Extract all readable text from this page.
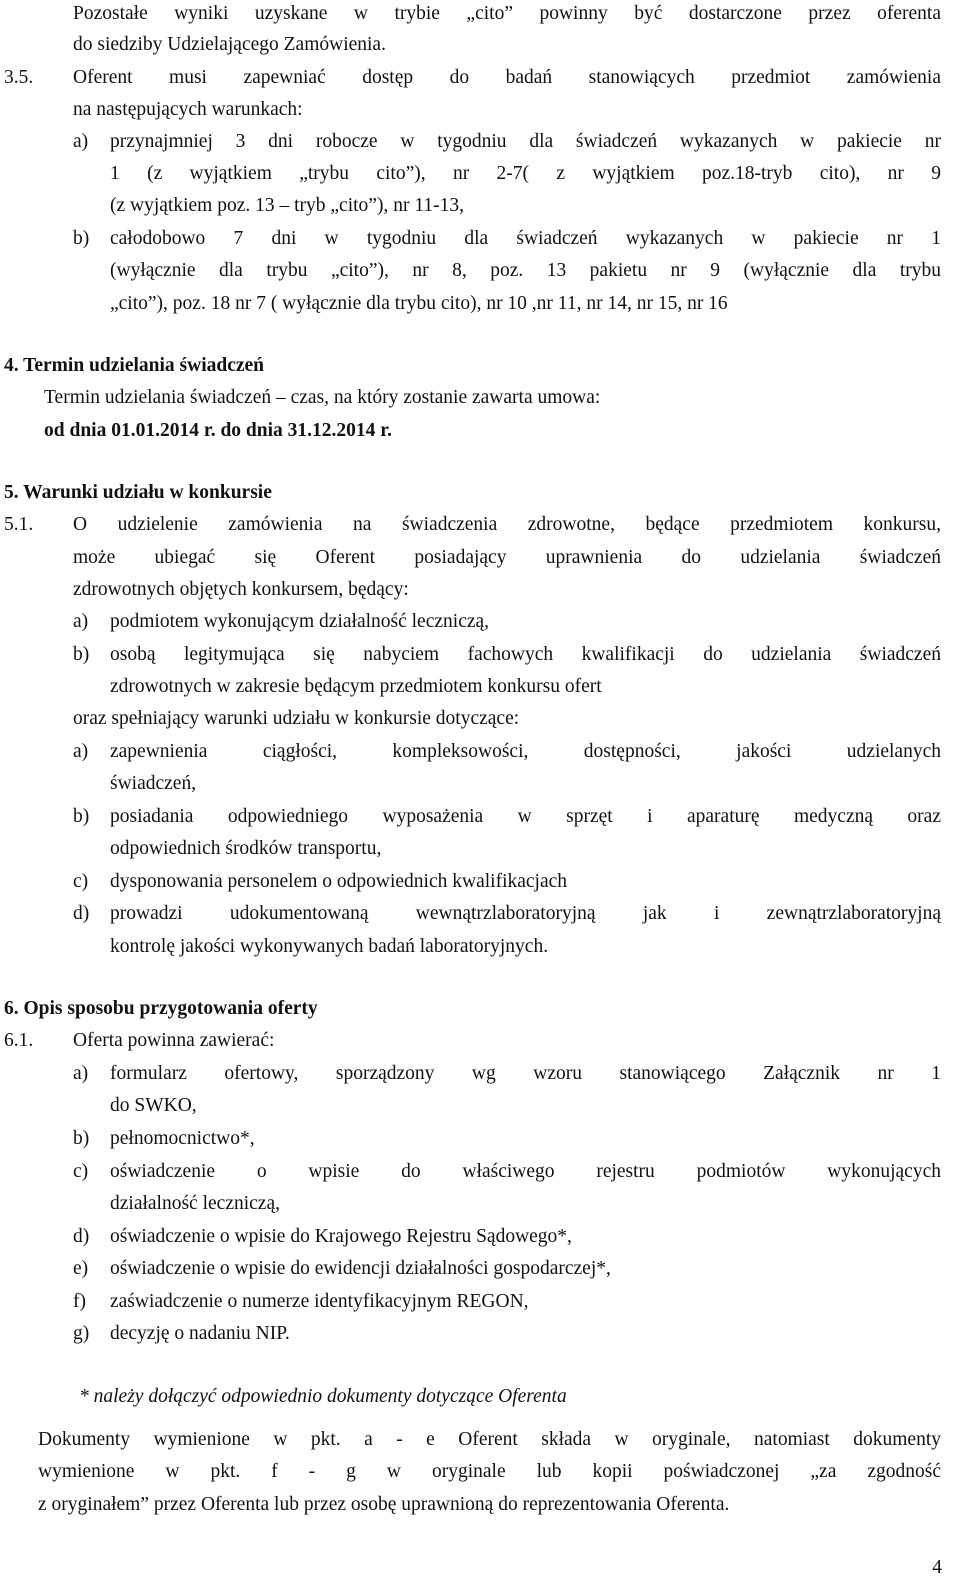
Pozostałe wyniki uzyskane w trybie „cito” powinny być dostarczone przez oferenta
do siedziby Udzielającego Zamówienia.
3.5. Oferent musi zapewniać dostęp do badań stanowiących przedmiot zamówienia
na następujących warunkach:
a) przynajmniej 3 dni robocze w tygodniu dla świadczeń wykazanych w pakiecie nr
1 (z wyjątkiem „trybu cito”), nr 2-7( z wyjątkiem poz.18-tryb cito), nr 9
(z wyjątkiem poz. 13 – tryb „cito”), nr 11-13,
b) całodobowo 7 dni w tygodniu dla świadczeń wykazanych w pakiecie nr 1
(wyłącznie dla trybu „cito”), nr 8, poz. 13 pakietu nr 9 (wyłącznie dla trybu
„cito”), poz. 18 nr 7 ( wyłącznie dla trybu cito), nr 10 ,nr 11, nr 14, nr 15, nr 16
4. Termin udzielania świadczeń
Termin udzielania świadczeń – czas, na który zostanie zawarta umowa:
od dnia 01.01.2014 r. do dnia 31.12.2014 r.
5. Warunki udziału w konkursie
5.1. O udzielenie zamówienia na świadczenia zdrowotne, będące przedmiotem konkursu,
może ubiegać się Oferent posiadający uprawnienia do udzielania świadczeń
zdrowotnych objętych konkursem, będący:
a) podmiotem wykonującym działalność leczniczą,
b) osobą legitymująca się nabyciem fachowych kwalifikacji do udzielania świadczeń
zdrowotnych w zakresie będącym przedmiotem konkursu ofert
oraz spełniający warunki udziału w konkursie dotyczące:
a) zapewnienia ciągłości, kompleksowości, dostępności, jakości udzielanych
świadczeń,
b) posiadania odpowiedniego wyposażenia w sprzęt i aparaturę medyczną oraz
odpowiednich środków transportu,
c) dysponowania personelem o odpowiednich kwalifikacjach
d) prowadzi udokumentowaną wewnątrzlaboratoryjną jak i zewnątrzlaboratoryjną
kontrolę jakości wykonywanych badań laboratoryjnych.
6. Opis sposobu przygotowania oferty
6.1. Oferta powinna zawierać:
a) formularz ofertowy, sporządzony wg wzoru stanowiącego Załącznik nr 1
do SWKO,
b) pełnomocnictwo*,
c) oświadczenie o wpisie do właściwego rejestru podmiotów wykonujących
działalność leczniczą,
d) oświadczenie o wpisie do Krajowego Rejestru Sądowego*,
e) oświadczenie o wpisie do ewidencji działalności gospodarczej*,
f) zaświadczenie o numerze identyfikacyjnym REGON,
g) decyzję o nadaniu NIP.
* należy dołączyć odpowiednio dokumenty dotyczące Oferenta
Dokumenty wymienione w pkt. a - e Oferent składa w oryginale, natomiast dokumenty
wymienione w pkt. f - g w oryginale lub kopii poświadczonej „za zgodność
z oryginałem” przez Oferenta lub przez osobę uprawnioną do reprezentowania Oferenta.
4
